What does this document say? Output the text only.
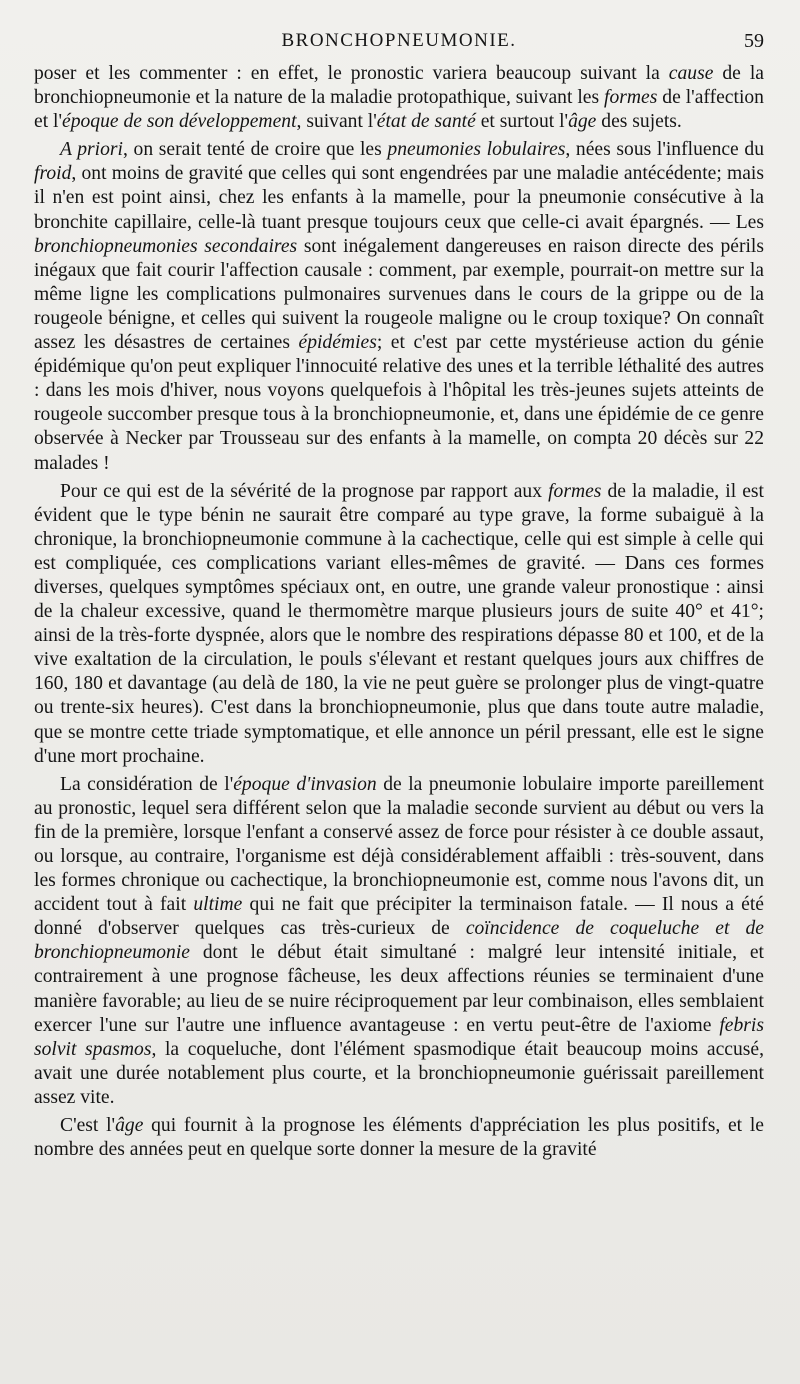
BRONCHOPNEUMONIE.	59

poser et les commenter : en effet, le pronostic variera beaucoup suivant la cause de la bronchiopneumonie et la nature de la maladie protopathique, suivant les formes de l'affection et l'époque de son développement, suivant l'état de santé et surtout l'âge des sujets.

A priori, on serait tenté de croire que les pneumonies lobulaires, nées sous l'influence du froid, ont moins de gravité que celles qui sont engendrées par une maladie antécédente; mais il n'en est point ainsi, chez les enfants à la mamelle, pour la pneumonie consécutive à la bronchite capillaire, celle-là tuant presque toujours ceux que celle-ci avait épargnés. — Les bronchiopneumonies secondaires sont inégalement dangereuses en raison directe des périls inégaux que fait courir l'affection causale : comment, par exemple, pourrait-on mettre sur la même ligne les complications pulmonaires survenues dans le cours de la grippe ou de la rougeole bénigne, et celles qui suivent la rougeole maligne ou le croup toxique? On connaît assez les désastres de certaines épidémies; et c'est par cette mystérieuse action du génie épidémique qu'on peut expliquer l'innocuité relative des unes et la terrible léthalité des autres : dans les mois d'hiver, nous voyons quelquefois à l'hôpital les très-jeunes sujets atteints de rougeole succomber presque tous à la bronchiopneumonie, et, dans une épidémie de ce genre observée à Necker par Trousseau sur des enfants à la mamelle, on compta 20 décès sur 22 malades !

Pour ce qui est de la sévérité de la prognose par rapport aux formes de la maladie, il est évident que le type bénin ne saurait être comparé au type grave, la forme subaiguë à la chronique, la bronchiopneumonie commune à la cachectique, celle qui est simple à celle qui est compliquée, ces complications variant elles-mêmes de gravité. — Dans ces formes diverses, quelques symptômes spéciaux ont, en outre, une grande valeur pronostique : ainsi de la chaleur excessive, quand le thermomètre marque plusieurs jours de suite 40° et 41°; ainsi de la très-forte dyspnée, alors que le nombre des respirations dépasse 80 et 100, et de la vive exaltation de la circulation, le pouls s'élevant et restant quelques jours aux chiffres de 160, 180 et davantage (au delà de 180, la vie ne peut guère se prolonger plus de vingt-quatre ou trente-six heures). C'est dans la bronchiopneumonie, plus que dans toute autre maladie, que se montre cette triade symptomatique, et elle annonce un péril pressant, elle est le signe d'une mort prochaine.

La considération de l'époque d'invasion de la pneumonie lobulaire importe pareillement au pronostic, lequel sera différent selon que la maladie seconde survient au début ou vers la fin de la première, lorsque l'enfant a conservé assez de force pour résister à ce double assaut, ou lorsque, au contraire, l'organisme est déjà considérablement affaibli : très-souvent, dans les formes chronique ou cachectique, la bronchiopneumonie est, comme nous l'avons dit, un accident tout à fait ultime qui ne fait que précipiter la terminaison fatale. — Il nous a été donné d'observer quelques cas très-curieux de coïncidence de coqueluche et de bronchiopneumonie dont le début était simultané : malgré leur intensité initiale, et contrairement à une prognose fâcheuse, les deux affections réunies se terminaient d'une manière favorable; au lieu de se nuire réciproquement par leur combinaison, elles semblaient exercer l'une sur l'autre une influence avantageuse : en vertu peut-être de l'axiome febris solvit spasmos, la coqueluche, dont l'élément spasmodique était beaucoup moins accusé, avait une durée notablement plus courte, et la bronchiopneumonie guérissait pareillement assez vite.

C'est l'âge qui fournit à la prognose les éléments d'appréciation les plus positifs, et le nombre des années peut en quelque sorte donner la mesure de la gravité
